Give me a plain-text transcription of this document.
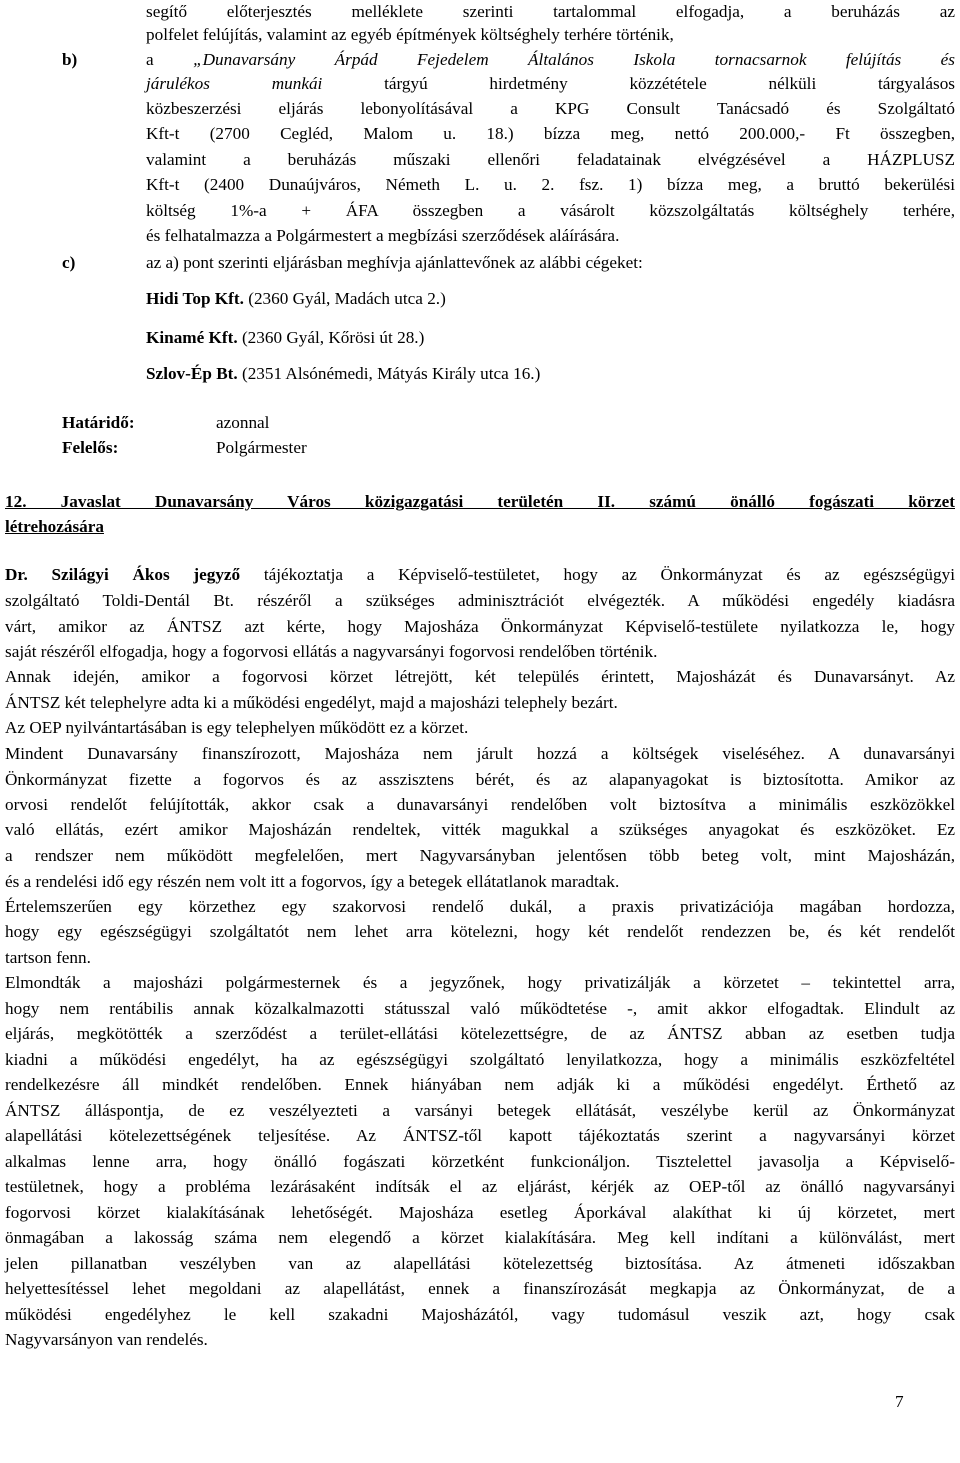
segítő előterjesztés melléklete szerinti tartalommal elfogadja, a beruházás az
polfelet felújítás, valamint az egyéb építmények költséghely terhére történik,
b)	a „Dunavarsány Árpád Fejedelem Általános Iskola tornacsarnok felújítás és
járulékos munkái tárgyú hirdetmény közzététele nélküli tárgyalásos
közbeszerzési eljárás lebonyolításával a KPG Consult Tanácsadó és Szolgáltató
Kft-t (2700 Cegléd, Malom u. 18.) bízza meg, nettó 200.000,- Ft összegben,
valamint a beruházás műszaki ellenőri feladatainak elvégzésével a HÁZPLUSZ
Kft-t (2400 Dunaújváros, Németh L. u. 2. fsz. 1) bízza meg, a bruttó bekerülési
költség 1%-a + ÁFA összegben a vásárolt közszolgáltatás költséghely terhére,
és felhatalmazza a Polgármestert a megbízási szerződések aláírására.
c)	az a) pont szerinti eljárásban meghívja ajánlattevőnek az alábbi cégeket:
Hidi Top Kft. (2360 Gyál, Madách utca 2.)
Kinamé Kft. (2360 Gyál, Kőrösi út 28.)
Szlov-Ép Bt. (2351 Alsónémedi, Mátyás Király utca 16.)
Határidő:	azonnal
Felelős:	Polgármester
12. Javaslat Dunavarsány Város közigazgatási területén II. számú önálló fogászati körzet
létrehozására
Dr. Szilágyi Ákos jegyző tájékoztatja a Képviselő-testületet, hogy az Önkormányzat és az egészségügyi
szolgáltató Toldi-Dentál Bt. részéről a szükséges adminisztrációt elvégezték. A működési engedély kiadásra
várt, amikor az ÁNTSZ azt kérte, hogy Majosháza Önkormányzat Képviselő-testülete nyilatkozza le, hogy
saját részéről elfogadja, hogy a fogorvosi ellátás a nagyvarsányi fogorvosi rendelőben történik.
Annak idején, amikor a fogorvosi körzet létrejött, két település érintett, Majosházát és Dunavarsányt. Az
ÁNTSZ két telephelyre adta ki a működési engedélyt, majd a majosházi telephely bezárt.
Az OEP nyilvántartásában is egy telephelyen működött ez a körzet.
Mindent Dunavarsány finanszírozott, Majosháza nem járult hozzá a költségek viseléséhez. A dunavarsányi
Önkormányzat fizette a fogorvos és az asszisztens bérét, és az alapanyagokat is biztosította. Amikor az
orvosi rendelőt felújították, akkor csak a dunavarsányi rendelőben volt biztosítva a minimális eszközökkel
való ellátás, ezért amikor Majosházán rendeltek, vitték magukkal a szükséges anyagokat és eszközöket. Ez
a rendszer nem működött megfelelően, mert Nagyvarsányban jelentősen több beteg volt, mint Majosházán,
és a rendelési idő egy részén nem volt itt a fogorvos, így a betegek ellátatlanok maradtak.
Értelemszerűen egy körzethez egy szakorvosi rendelő dukál, a praxis privatizációja magában hordozza,
hogy egy egészségügyi szolgáltatót nem lehet arra kötelezni, hogy két rendelőt rendezzen be, és két rendelőt
tartson fenn.
Elmondták a majosházi polgármesternek és a jegyzőnek, hogy privatizálják a körzetet – tekintettel arra,
hogy nem rentábilis annak közalkalmazotti státusszal való működtetése -, amit akkor elfogadtak. Elindult az
eljárás, megkötötték a szerződést a terület-ellátási kötelezettségre, de az ÁNTSZ abban az esetben tudja
kiadni a működési engedélyt, ha az egészségügyi szolgáltató lenyilatkozza, hogy a minimális eszközfeltétel
rendelkezésre áll mindkét rendelőben. Ennek hiányában nem adják ki a működési engedélyt. Érthető az
ÁNTSZ álláspontja, de ez veszélyezteti a varsányi betegek ellátását, veszélybe kerül az Önkormányzat
alapellátási kötelezettségének teljesítése. Az ÁNTSZ-től kapott tájékoztatás szerint a nagyvarsányi körzet
alkalmas lenne arra, hogy önálló fogászati körzetként funkcionáljon. Tisztelettel javasolja a Képviselő-
testületnek, hogy a probléma lezárásaként indítsák el az eljárást, kérjék az OEP-től az önálló nagyvarsányi
fogorvosi körzet kialakításának lehetőségét. Majosháza esetleg Áporkával alakíthat ki új körzetet, mert
önmagában a lakosság száma nem elegendő a körzet kialakítására. Meg kell indítani a különválást, mert
jelen pillanatban veszélyben van az alapellátási kötelezettség biztosítása. Az átmeneti időszakban
helyettesítéssel lehet megoldani az alapellátást, ennek a finanszírozását megkapja az Önkormányzat, de a
működési engedélyhez le kell szakadni Majosházától, vagy tudomásul veszik azt, hogy csak
Nagyvarsányon van rendelés.
7
